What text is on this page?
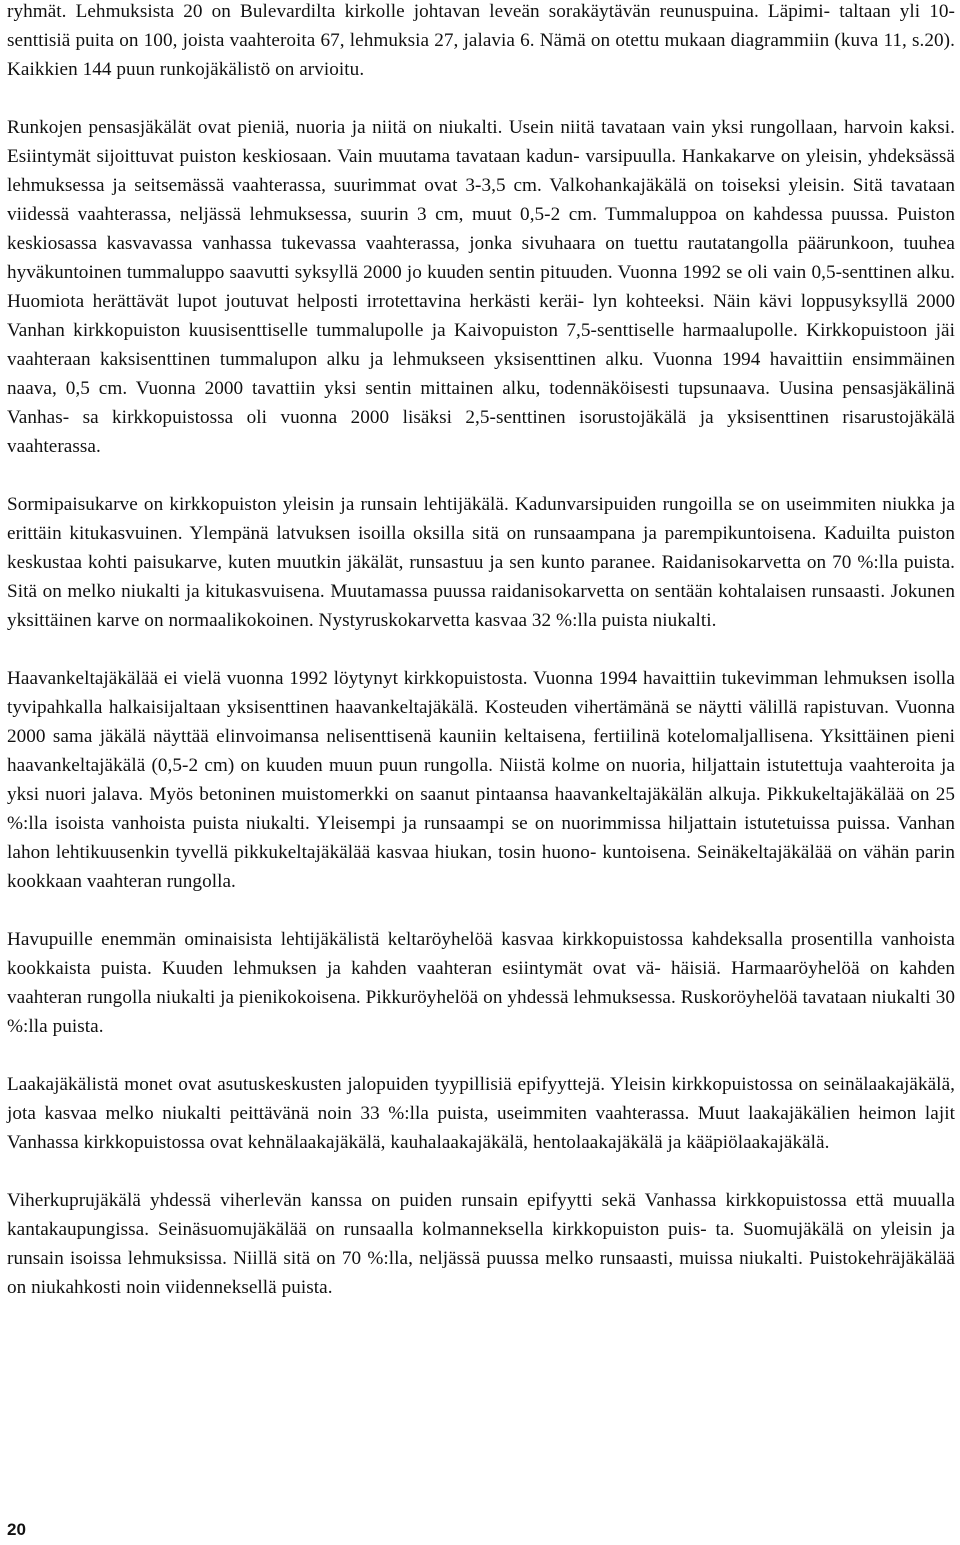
ryhmät. Lehmuksista 20 on Bulevardilta kirkolle johtavan leveän sorakäytävän reunuspuina. Läpimi- taltaan yli 10-senttisiä puita on 100, joista vaahteroita 67, lehmuksia 27, jalavia 6. Nämä on otettu mukaan diagrammiin (kuva 11, s.20). Kaikkien 144 puun runkojäkälistö on arvioitu.

Runkojen pensasjäkälät ovat pieniä, nuoria ja niitä on niukalti. Usein niitä tavataan vain yksi rungollaan, harvoin kaksi. Esiintymät sijoittuvat puiston keskiosaan. Vain muutama tavataan kadun- varsipuulla. Hankakarve on yleisin, yhdeksässä lehmuksessa ja seitsemässä vaahterassa, suurimmat ovat 3-3,5 cm. Valkohankajäkälä on toiseksi yleisin. Sitä tavataan viidessä vaahterassa, neljässä lehmuksessa, suurin 3 cm, muut 0,5-2 cm. Tummaluppoa on kahdessa puussa. Puiston keskiosassa kasvavassa vanhassa tukevassa vaahterassa, jonka sivuhaara on tuettu rautatangolla päärunkoon, tuuhea hyväkuntoinen tummaluppo saavutti syksyllä 2000 jo kuuden sentin pituuden. Vuonna 1992 se oli vain 0,5-senttinen alku. Huomiota herättävät lupot joutuvat helposti irrotettavina herkästi keräi- lyn kohteeksi. Näin kävi loppusyksyllä 2000 Vanhan kirkkopuiston kuusisenttiselle tummalupolle ja Kaivopuiston 7,5-senttiselle harmaalupolle. Kirkkopuistoon jäi vaahteraan kaksisenttinen tummalupon alku ja lehmukseen yksisenttinen alku. Vuonna 1994 havaittiin ensimmäinen naava, 0,5 cm. Vuonna 2000 tavattiin yksi sentin mittainen alku, todennäköisesti tupsunaava. Uusina pensasjäkälinä Vanhas- sa kirkkopuistossa oli vuonna 2000 lisäksi 2,5-senttinen isorustojäkälä ja yksisenttinen risarustojäkälä vaahterassa.

Sormipaisukarve on kirkkopuiston yleisin ja runsain lehtijäkälä. Kadunvarsipuiden rungoilla se on useimmiten niukka ja erittäin kitukasvuinen. Ylempänä latvuksen isoilla oksilla sitä on runsaampana ja parempikuntoisena. Kaduilta puiston keskustaa kohti paisukarve, kuten muutkin jäkälät, runsastuu ja sen kunto paranee. Raidanisokarvetta on 70 %:lla puista. Sitä on melko niukalti ja kitukasvuisena. Muutamassa puussa raidanisokarvetta on sentään kohtalaisen runsaasti. Jokunen yksittäinen karve on normaalikokoinen. Nystyruskokarvetta kasvaa 32 %:lla puista niukalti.

Haavankeltajäkälää ei vielä vuonna 1992 löytynyt kirkkopuistosta. Vuonna 1994 havaittiin tukevimman lehmuksen isolla tyvipahkalla halkaisijaltaan yksisenttinen haavankeltajäkälä. Kosteuden vihertämänä se näytti välillä rapistuvan. Vuonna 2000 sama jäkälä näyttää elinvoimansa nelisenttisenä kauniin keltaisena, fertiilinä kotelomaljallisena. Yksittäinen pieni haavankeltajäkälä (0,5-2 cm) on kuuden muun puun rungolla. Niistä kolme on nuoria, hiljattain istutettuja vaahteroita ja yksi nuori jalava. Myös betoninen muistomerkki on saanut pintaansa haavankeltajäkälän alkuja. Pikkukeltajäkälää on 25 %:lla isoista vanhoista puista niukalti. Yleisempi ja runsaampi se on nuorimmissa hiljattain istutetuissa puissa. Vanhan lahon lehtikuusenkin tyvellä pikkukeltajäkälää kasvaa hiukan, tosin huono- kuntoisena. Seinäkeltajäkälää on vähän parin kookkaan vaahteran rungolla.

Havupuille enemmän ominaisista lehtijäkälistä keltaröyhelöä kasvaa kirkkopuistossa kahdeksalla prosentilla vanhoista kookkaista puista. Kuuden lehmuksen ja kahden vaahteran esiintymät ovat vä- häisiä. Harmaaröyhelöä on kahden vaahteran rungolla niukalti ja pienikokoisena. Pikkuröyhelöä on yhdessä lehmuksessa. Ruskoröyhelöä tavataan niukalti 30 %:lla puista.

Laakajäkälistä monet ovat asutuskeskusten jalopuiden tyypillisiä epifyyttejä. Yleisin kirkkopuistossa on seinälaakajäkälä, jota kasvaa melko niukalti peittävänä noin 33 %:lla puista, useimmiten vaahterassa. Muut laakajäkälien heimon lajit Vanhassa kirkkopuistossa ovat kehnälaakajäkälä, kauhalaakajäkälä, hentolaakajäkälä ja kääpiölaakajäkälä.

Viherkuprujäkälä yhdessä viherlevän kanssa on puiden runsain epifyytti sekä Vanhassa kirkkopuistossa että muualla kantakaupungissa. Seinäsuomujäkälää on runsaalla kolmanneksella kirkkopuiston puis- ta. Suomujäkälä on yleisin ja runsain isoissa lehmuksissa. Niillä sitä on 70 %:lla, neljässä puussa melko runsaasti, muissa niukalti. Puistokehräjäkälää on niukahkosti noin viidenneksellä puista.

20
